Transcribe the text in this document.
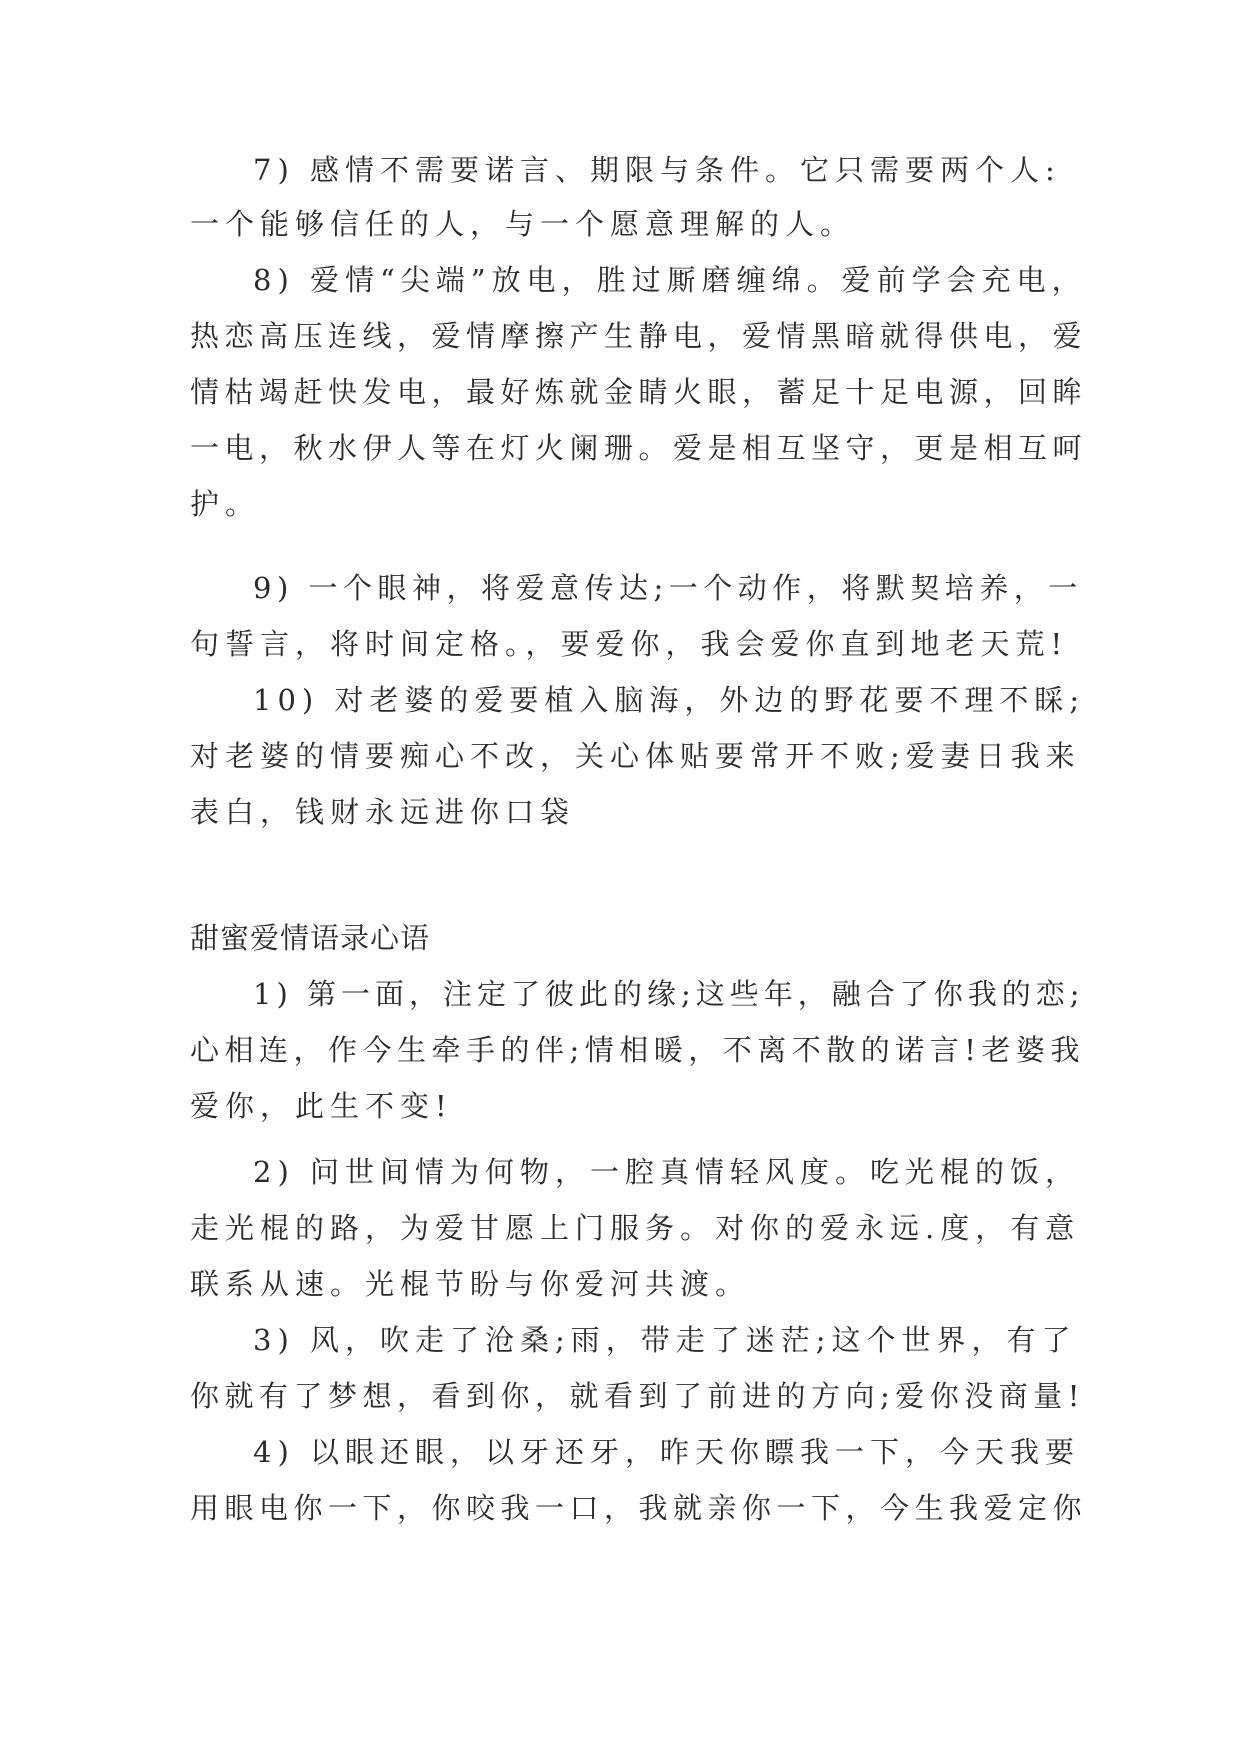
7) 感情不需要诺言、期限与条件。它只需要两个人:
一个能够信任的人，与一个愿意理解的人。
8) 爱情“尖端”放电，胜过厮磨缠绵。爱前学会充电，
热恋高压连线，爱情摩擦产生静电，爱情黑暗就得供电，爱
情枯竭赶快发电，最好炼就金睛火眼，蓄足十足电源，回眸
一电，秋水伊人等在灯火阑珊。爱是相互坚守，更是相互呵
护。
9) 一个眼神，将爱意传达;一个动作，将默契培养，一
句誓言，将时间定格。，要爱你，我会爱你直到地老天荒!
10) 对老婆的爱要植入脑海，外边的野花要不理不睬;
对老婆的情要痴心不改，关心体贴要常开不败;爱妻日我来
表白，钱财永远进你口袋
甜蜜爱情语录心语
1) 第一面，注定了彼此的缘;这些年，融合了你我的恋;
心相连，作今生牵手的伴;情相暖，不离不散的诺言!老婆我
爱你，此生不变!
2) 问世间情为何物，一腔真情轻风度。吃光棍的饭，
走光棍的路，为爱甘愿上门服务。对你的爱永远.度，有意
联系从速。光棍节盼与你爱河共渡。
3) 风，吹走了沧桑;雨，带走了迷茫;这个世界，有了
你就有了梦想，看到你，就看到了前进的方向;爱你没商量!
4) 以眼还眼，以牙还牙，昨天你瞟我一下，今天我要
用眼电你一下，你咬我一口，我就亲你一下，今生我爱定你
